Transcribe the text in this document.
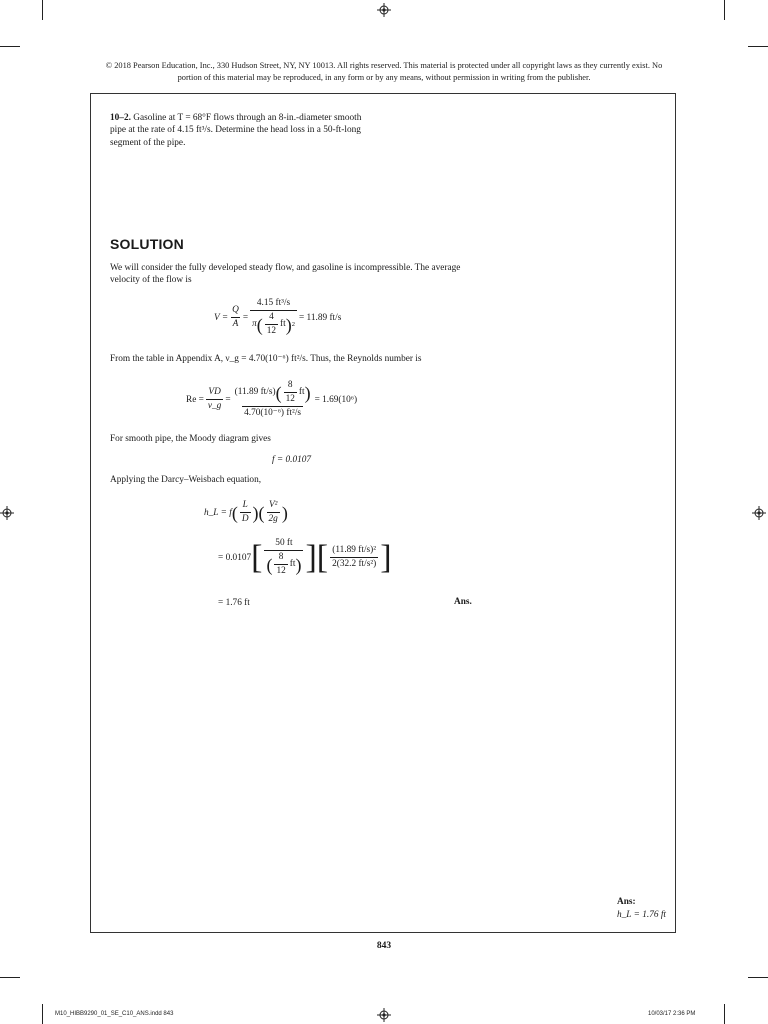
© 2018 Pearson Education, Inc., 330 Hudson Street, NY, NY 10013. All rights reserved. This material is protected under all copyright laws as they currently exist. No portion of this material may be reproduced, in any form or by any means, without permission in writing from the publisher.
10–2. Gasoline at T = 68°F flows through an 8-in.-diameter smooth pipe at the rate of 4.15 ft³/s. Determine the head loss in a 50-ft-long segment of the pipe.
SOLUTION
We will consider the fully developed steady flow, and gasoline is incompressible. The average velocity of the flow is
$V = \frac{Q}{A}$ =
4.15 ft³/s
π ( $\frac{4}{12}$ ft ) 2
= 11.89 ft/s
From the table in Appendix A, ν_g = 4.70(10⁻⁶) ft²/s. Thus, the Reynolds number is
$Re = \frac{VD}{\nu\_g}$ =
(11.89 ft/s) ( $\frac{8}{12}$ ft )
4.70(10⁻⁶) ft²/s
= 1.69(10⁶)
For smooth pipe, the Moody diagram gives
f = 0.0107
Applying the Darcy–Weisbach equation,
h_L = f ( $\frac{L}{D}$ ) ( $\frac{\text{V²}}{2g}$ )
= 0.0107 [ $\frac{50 ft}{( \frac{8}{12} ft )}$ ] [ $\frac{\text{(11.89 ft/s)²}}{\text{2(32.2 ft/s²)}}$ ]
= 1.76 ft	Ans.
Ans:
h_L = 1.76 ft
843
M10_HIBB9290_01_SE_C10_ANS.indd 843	10/03/17 2:36 PM
